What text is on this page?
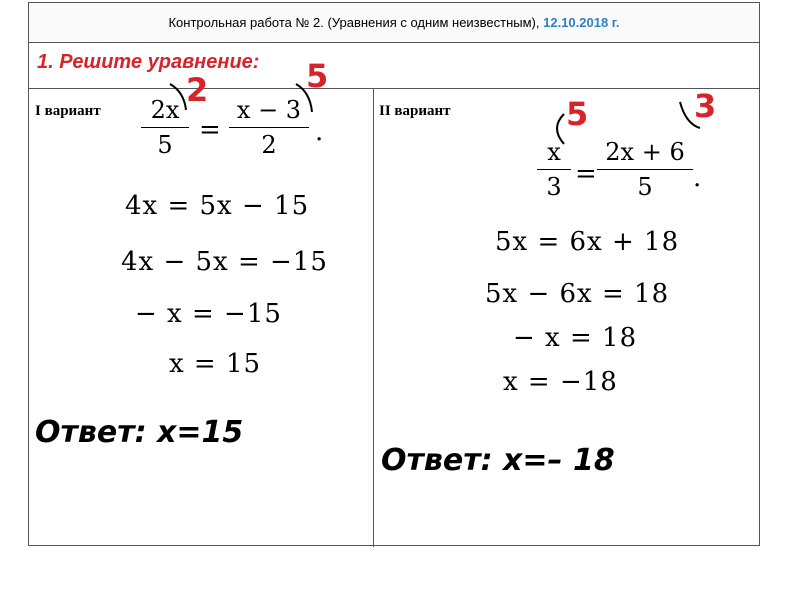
Контрольная работа № 2. (Уравнения с одним неизвестным), 12.10.2018 г.
1. Решите уравнение:
I вариант	2x
5	=
x − 3
2	.
4x = 5x − 15
4x − 5x = −15
− x = −15
x = 15
Ответ: x=15
II вариант
x
3 =
2x + 6
5	.
5x = 6x + 18
5x − 6x = 18
− x = 18
x = −18
Ответ: x=– 18
2	5
5	3
